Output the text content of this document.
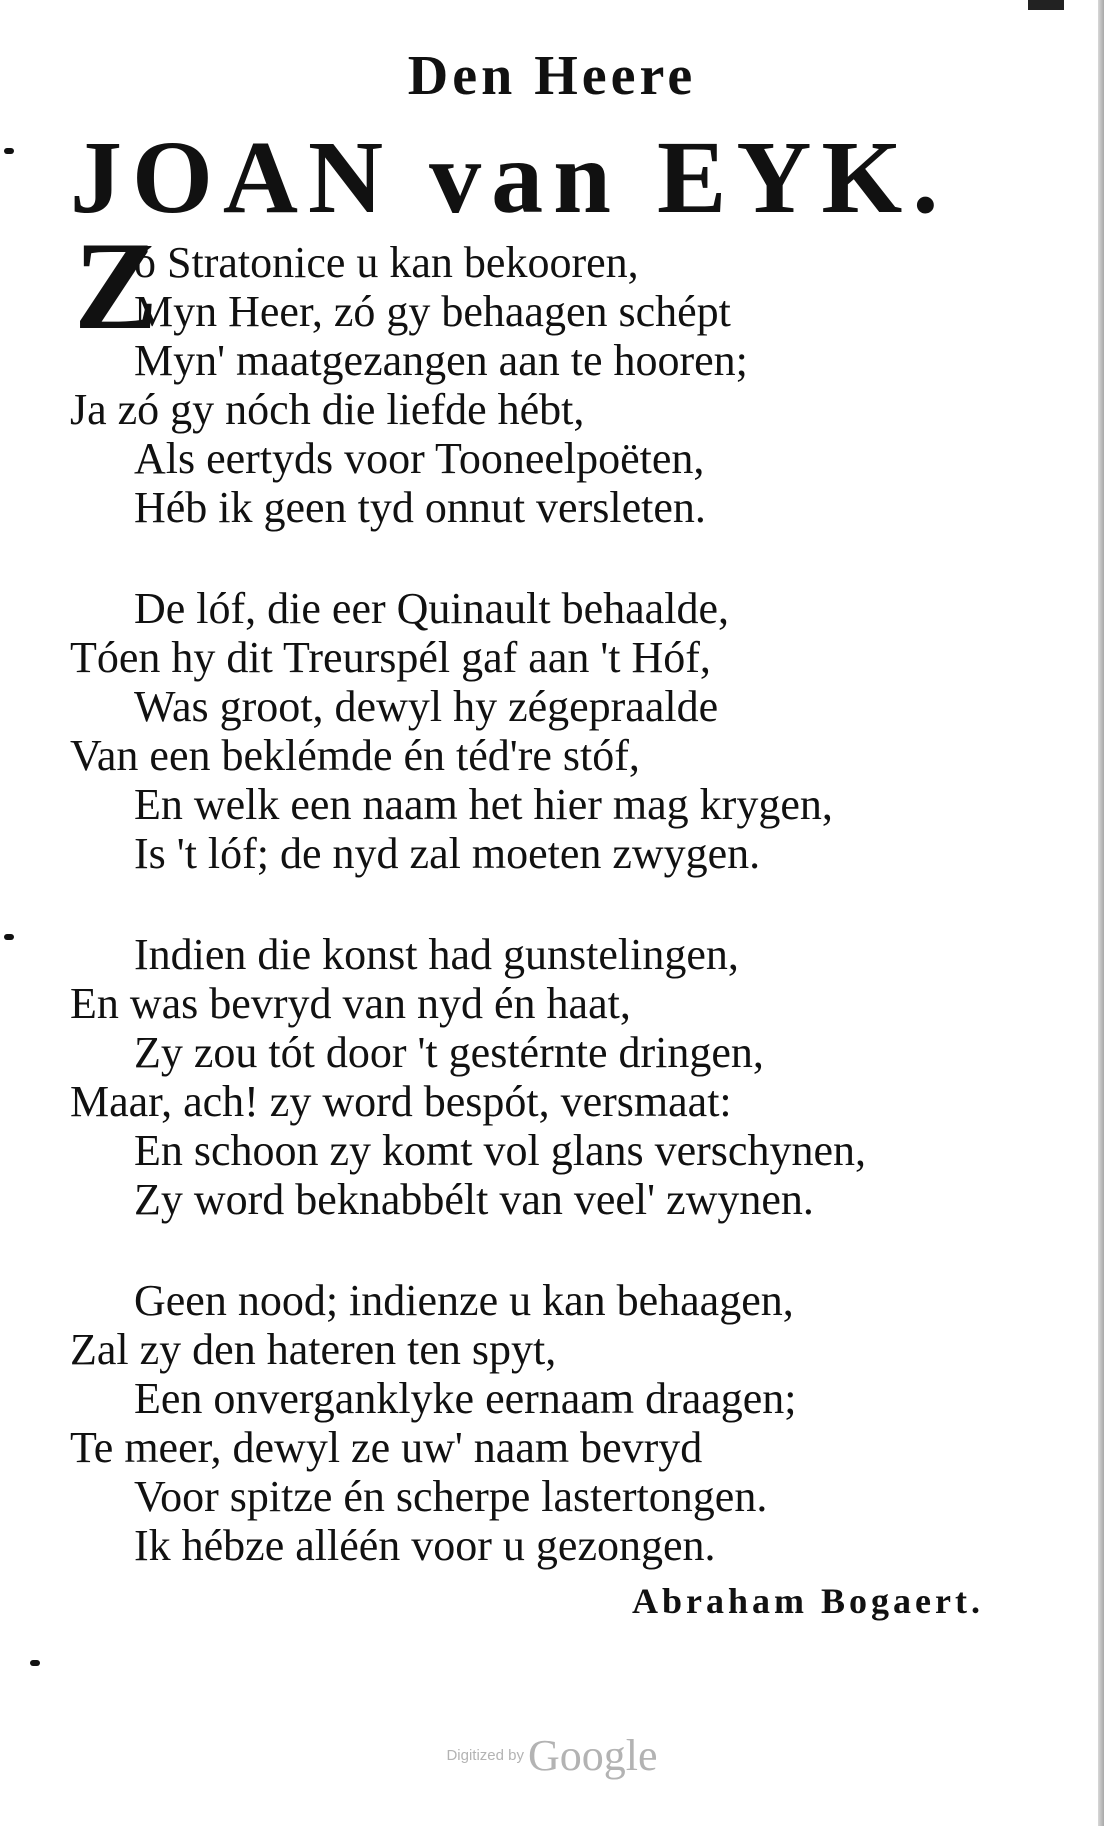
Den Heere
JOAN van EYK.
Z
ó Stratonice u kan bekooren,
Myn Heer, zó gy behaagen schépt
Myn' maatgezangen aan te hooren;
Ja zó gy nóch die liefde hébt,
Als eertyds voor Tooneelpoëten,
Héb ik geen tyd onnut versleten.
De lóf, die eer Quinault behaalde,
Tóen hy dit Treurspél gaf aan 't Hóf,
Was groot, dewyl hy zégepraalde
Van een beklémde én téd're stóf,
En welk een naam het hier mag krygen,
Is 't lóf; de nyd zal moeten zwygen.
Indien die konst had gunstelingen,
En was bevryd van nyd én haat,
Zy zou tót door 't gestérnte dringen,
Maar, ach! zy word bespót, versmaat:
En schoon zy komt vol glans verschynen,
Zy word beknabbélt van veel' zwynen.
Geen nood; indienze u kan behaagen,
Zal zy den hateren ten spyt,
Een onverganklyke eernaam draagen;
Te meer, dewyl ze uw' naam bevryd
Voor spitze én scherpe lastertongen.
Ik hébze alléén voor u gezongen.
Abraham Bogaert.
Digitized by Google
